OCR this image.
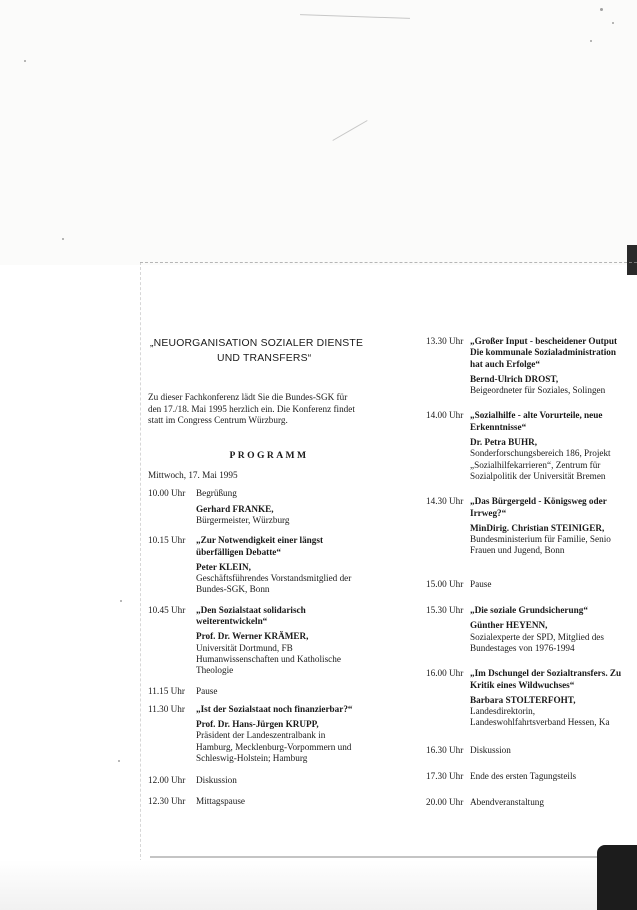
„NEUORGANISATION SOZIALER DIENSTE
UND TRANSFERS“
Zu dieser Fachkonferenz lädt Sie die Bundes-SGK für
den 17./18. Mai 1995 herzlich ein. Die Konferenz findet
statt im Congress Centrum Würzburg.
PROGRAMM
Mittwoch, 17. Mai 1995
10.00 Uhr	Begrüßung
Gerhard FRANKE,
Bürgermeister, Würzburg
10.15 Uhr	„Zur Notwendigkeit einer längst
überfälligen Debatte“
Peter KLEIN,
Geschäftsführendes Vorstandsmitglied der
Bundes-SGK, Bonn
10.45 Uhr	„Den Sozialstaat solidarisch
weiterentwickeln“
Prof. Dr. Werner KRÄMER,
Universität Dortmund, FB
Humanwissenschaften und Katholische
Theologie
11.15 Uhr	Pause
11.30 Uhr	„Ist der Sozialstaat noch finanzierbar?“
Prof. Dr. Hans-Jürgen KRUPP,
Präsident der Landeszentralbank in
Hamburg, Mecklenburg-Vorpommern und
Schleswig-Holstein; Hamburg
12.00 Uhr	Diskussion
12.30 Uhr	Mittagspause
13.30 Uhr „Großer Input - bescheidener Output
Die kommunale Sozialadministration
hat auch Erfolge“
Bernd-Ulrich DROST,
Beigeordneter für Soziales, Solingen
14.00 Uhr „Sozialhilfe - alte Vorurteile, neue
Erkenntnisse“
Dr. Petra BUHR,
Sonderforschungsbereich 186, Projekt
„Sozialhilfekarrieren“, Zentrum für
Sozialpolitik der Universität Bremen
14.30 Uhr „Das Bürgergeld - Königsweg oder
Irrweg?“
MinDirig. Christian STEINIGER,
Bundesministerium für Familie, Senio
Frauen und Jugend, Bonn
15.00 Uhr Pause
15.30 Uhr „Die soziale Grundsicherung“
Günther HEYENN,
Sozialexperte der SPD, Mitglied des
Bundestages von 1976-1994
16.00 Uhr „Im Dschungel der Sozialtransfers. Zu
Kritik eines Wildwuchses“
Barbara STOLTERFOHT,
Landesdirektorin,
Landeswohlfahrtsverband Hessen, Ka
16.30 Uhr Diskussion
17.30 Uhr Ende des ersten Tagungsteils
20.00 Uhr Abendveranstaltung
